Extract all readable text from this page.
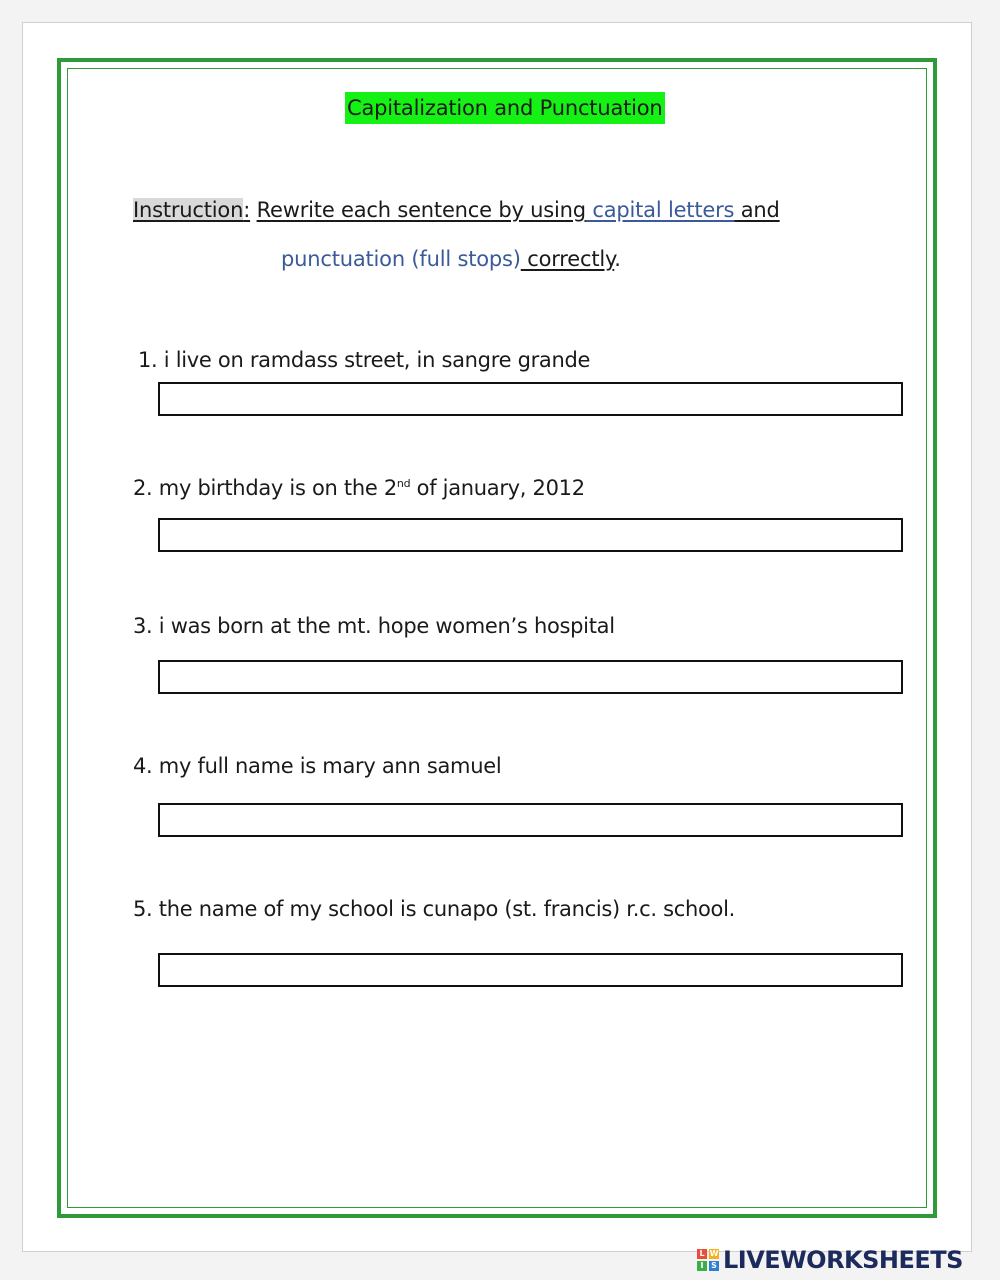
Capitalization and Punctuation
Instruction: Rewrite each sentence by using capital letters and
punctuation (full stops) correctly.
1. i live on ramdass street, in sangre grande
2. my birthday is on the 2nd of january, 2012
3. i was born at the mt. hope women’s hospital
4. my full name is mary ann samuel
5. the name of my school is cunapo (st. francis) r.c. school.
L W
I S LIVEWORKSHEETS
